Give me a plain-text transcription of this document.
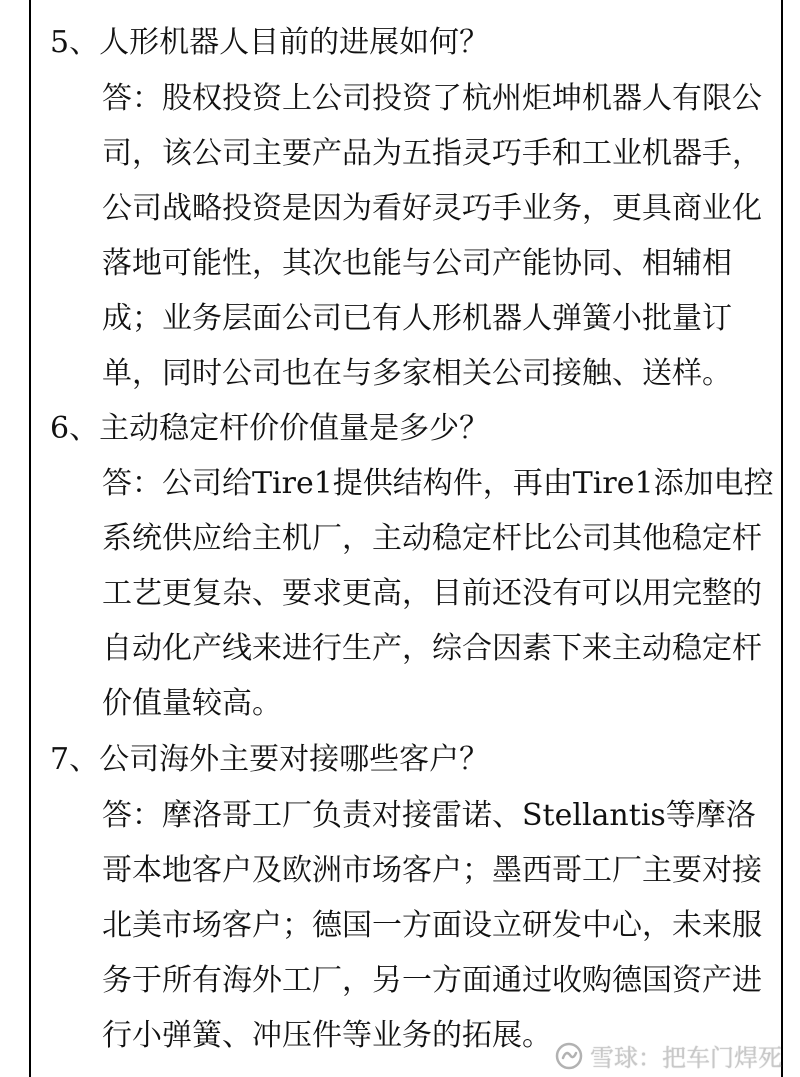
5、人形机器人目前的进展如何？
答：股权投资上公司投资了杭州炬坤机器人有限公
司，该公司主要产品为五指灵巧手和工业机器手，
公司战略投资是因为看好灵巧手业务，更具商业化
落地可能性，其次也能与公司产能协同、相辅相
成；业务层面公司已有人形机器人弹簧小批量订
单，同时公司也在与多家相关公司接触、送样。
6、主动稳定杆价价值量是多少？
答：公司给Tire1提供结构件，再由Tire1添加电控
系统供应给主机厂，主动稳定杆比公司其他稳定杆
工艺更复杂、要求更高，目前还没有可以用完整的
自动化产线来进行生产，综合因素下来主动稳定杆
价值量较高。
7、公司海外主要对接哪些客户？
答：摩洛哥工厂负责对接雷诺、Stellantis等摩洛
哥本地客户及欧洲市场客户；墨西哥工厂主要对接
北美市场客户；德国一方面设立研发中心，未来服
务于所有海外工厂，另一方面通过收购德国资产进
行小弹簧、冲压件等业务的拓展。
雪球：把车门焊死
